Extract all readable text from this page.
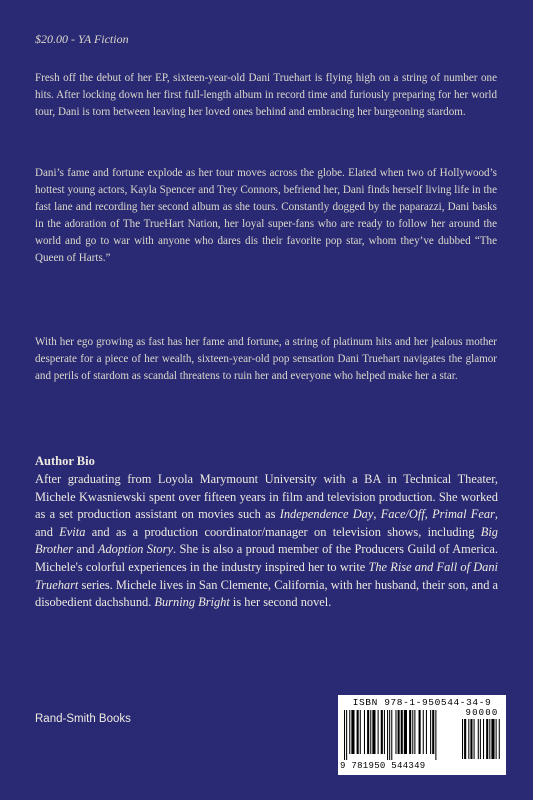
$20.00 - YA Fiction

Fresh off the debut of her EP, sixteen-year-old Dani Truehart is flying high on a string of number one hits. After locking down her first full-length album in record time and furiously preparing for her world tour, Dani is torn between leaving her loved ones behind and embracing her burgeoning stardom.

Dani’s fame and fortune explode as her tour moves across the globe. Elated when two of Hollywood’s hottest young actors, Kayla Spencer and Trey Connors, befriend her, Dani finds herself living life in the fast lane and recording her second album as she tours. Constantly dogged by the paparazzi, Dani basks in the adoration of The TrueHart Nation, her loyal super-fans who are ready to follow her around the world and go to war with anyone who dares dis their favorite pop star, whom they’ve dubbed “The Queen of Harts.”

With her ego growing as fast has her fame and fortune, a string of platinum hits and her jealous mother desperate for a piece of her wealth, sixteen-year-old pop sensation Dani Truehart navigates the glamor and perils of stardom as scandal threatens to ruin her and everyone who helped make her a star.

Author Bio

After graduating from Loyola Marymount University with a BA in Technical Theater, Michele Kwasniewski spent over fifteen years in film and television production. She worked as a set production assistant on movies such as Independence Day, Face/Off, Primal Fear, and Evita and as a production coordinator/manager on television shows, including Big Brother and Adoption Story. She is also a proud member of the Producers Guild of America. Michele's colorful experiences in the industry inspired her to write The Rise and Fall of Dani Truehart series. Michele lives in San Clemente, California, with her husband, their son, and a disobedient dachshund. Burning Bright is her second novel.

Rand-Smith Books
ISBN 978-1-950544-34-9
90000
9 781950 544349
